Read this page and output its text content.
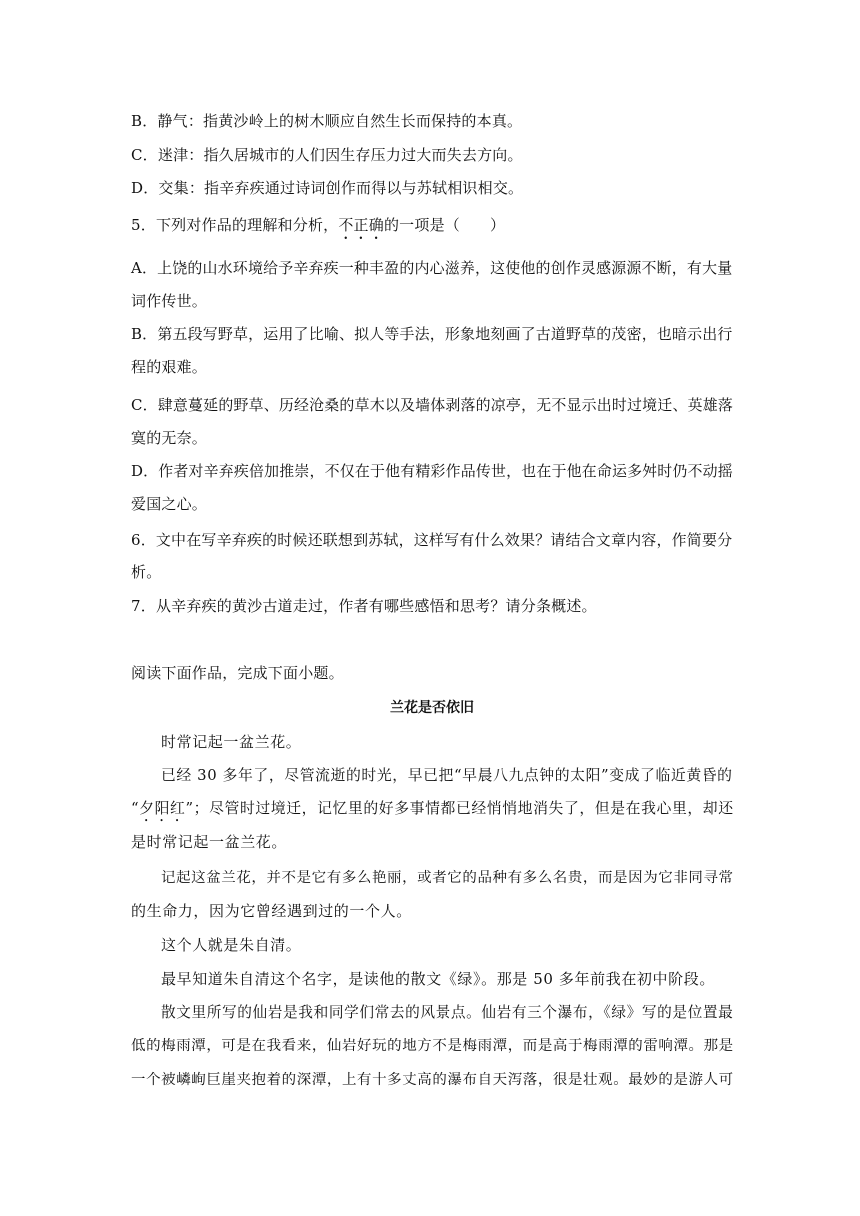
B．静气：指黄沙岭上的树木顺应自然生长而保持的本真。
C．迷津：指久居城市的人们因生存压力过大而失去方向。
D．交集：指辛弃疾通过诗词创作而得以与苏轼相识相交。
5．下列对作品的理解和分析，不正确的一项是（ ）
A．上饶的山水环境给予辛弃疾一种丰盈的内心滋养，这使他的创作灵感源源不断，有大量
词作传世。
B．第五段写野草，运用了比喻、拟人等手法，形象地刻画了古道野草的茂密，也暗示出行
程的艰难。
C．肆意蔓延的野草、历经沧桑的草木以及墙体剥落的凉亭，无不显示出时过境迁、英雄落
寞的无奈。
D．作者对辛弃疾倍加推崇，不仅在于他有精彩作品传世，也在于他在命运多舛时仍不动摇
爱国之心。
6．文中在写辛弃疾的时候还联想到苏轼，这样写有什么效果？请结合文章内容，作简要分
析。
7．从辛弃疾的黄沙古道走过，作者有哪些感悟和思考？请分条概述。
阅读下面作品，完成下面小题。
兰花是否依旧
时常记起一盆兰花。
已经 30 多年了，尽管流逝的时光，早已把“早晨八九点钟的太阳”变成了临近黄昏的
“夕阳红”；尽管时过境迁，记忆里的好多事情都已经悄悄地消失了，但是在我心里，却还
是时常记起一盆兰花。
记起这盆兰花，并不是它有多么艳丽，或者它的品种有多么名贵，而是因为它非同寻常
的生命力，因为它曾经遇到过的一个人。
这个人就是朱自清。
最早知道朱自清这个名字，是读他的散文《绿》。那是 50 多年前我在初中阶段。
散文里所写的仙岩是我和同学们常去的风景点。仙岩有三个瀑布，《绿》写的是位置最
低的梅雨潭，可是在我看来，仙岩好玩的地方不是梅雨潭，而是高于梅雨潭的雷响潭。那是
一个被嶙峋巨崖夹抱着的深潭，上有十多丈高的瀑布自天泻落，很是壮观。最妙的是游人可
